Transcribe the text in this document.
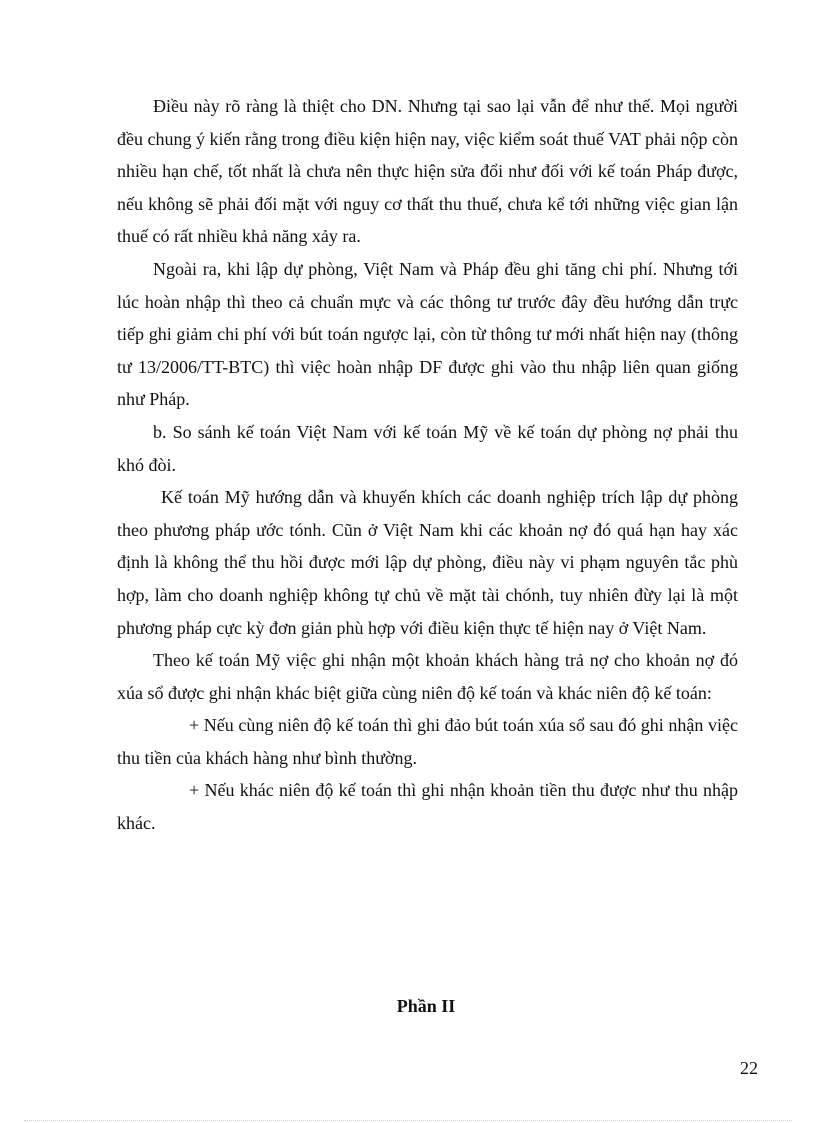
Điều này rõ ràng là thiệt cho DN. Nhưng tại sao lại vẫn để như thế. Mọi người đều chung ý kiến rằng trong điều kiện hiện nay, việc kiểm soát thuế VAT phải nộp còn nhiều hạn chế, tốt nhất là chưa nên thực hiện sửa đổi như đối với kế toán Pháp được, nếu không sẽ phải đối mặt với nguy cơ thất thu thuế, chưa kể tới những việc gian lận thuế có rất nhiều khả năng xảy ra.

Ngoài ra, khi lập dự phòng, Việt Nam và Pháp đều ghi tăng chi phí. Nhưng tới lúc hoàn nhập thì theo cả chuẩn mực và các thông tư trước đây đều hướng dẫn trực tiếp ghi giảm chi phí với bút toán ngược lại, còn từ thông tư mới nhất hiện nay (thông tư 13/2006/TT-BTC) thì việc hoàn nhập DF được ghi vào thu nhập liên quan giống như Pháp.

b. So sánh kế toán Việt Nam với kế toán Mỹ về kế toán dự phòng nợ phải thu khó đòi.

Kế toán Mỹ hướng dẫn và khuyến khích các doanh nghiệp trích lập dự phòng theo phương pháp ước tónh. Cũn ở Việt Nam khi các khoản nợ đó quá hạn hay xác định là không thể thu hồi được mới lập dự phòng, điều này vi phạm nguyên tắc phù hợp, làm cho doanh nghiệp không tự chủ về mặt tài chónh, tuy nhiên đừy lại là một phương pháp cực kỳ đơn giản phù hợp với điều kiện thực tế hiện nay ở Việt Nam.

Theo kế toán Mỹ việc ghi nhận một khoản khách hàng trả nợ cho khoản nợ đó xúa sổ được ghi nhận khác biệt giữa cùng niên độ kế toán và khác niên độ kế toán:

+ Nếu cùng niên độ kế toán thì ghi đảo bút toán xúa sổ sau đó ghi nhận việc thu tiền của khách hàng như bình thường.

+ Nếu khác niên độ kế toán thì ghi nhận khoản tiền thu được như thu nhập khác.

Phần II
22
